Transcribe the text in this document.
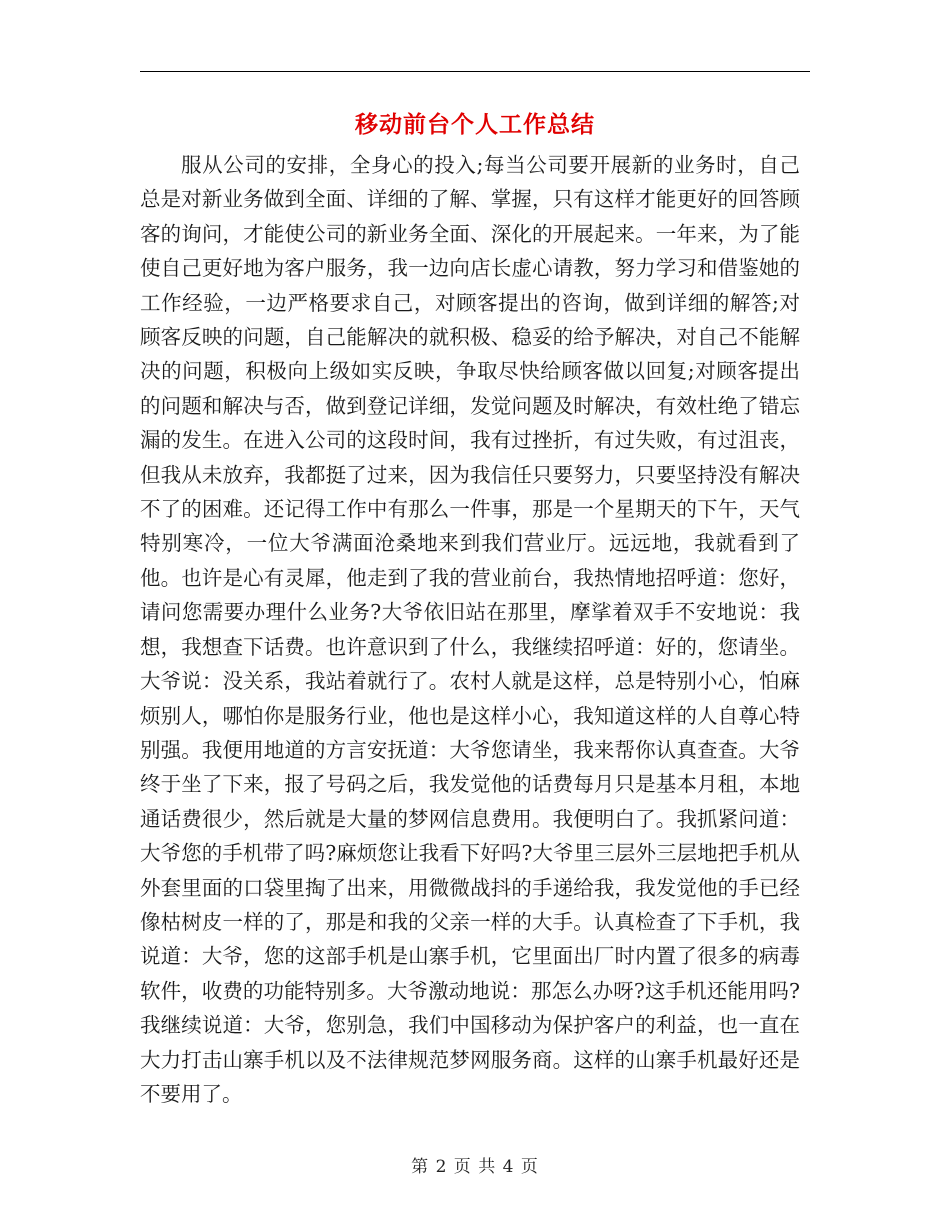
移动前台个人工作总结

服从公司的安排，全身心的投入;每当公司要开展新的业务时，自己总是对新业务做到全面、详细的了解、掌握，只有这样才能更好的回答顾客的询问，才能使公司的新业务全面、深化的开展起来。一年来，为了能使自己更好地为客户服务，我一边向店长虚心请教，努力学习和借鉴她的工作经验，一边严格要求自己，对顾客提出的咨询，做到详细的解答;对顾客反映的问题，自己能解决的就积极、稳妥的给予解决，对自己不能解决的问题，积极向上级如实反映，争取尽快给顾客做以回复;对顾客提出的问题和解决与否，做到登记详细，发觉问题及时解决，有效杜绝了错忘漏的发生。在进入公司的这段时间，我有过挫折，有过失败，有过沮丧，但我从未放弃，我都挺了过来，因为我信任只要努力，只要坚持没有解决不了的困难。还记得工作中有那么一件事，那是一个星期天的下午，天气特别寒冷，一位大爷满面沧桑地来到我们营业厅。远远地，我就看到了他。也许是心有灵犀，他走到了我的营业前台，我热情地招呼道：您好，请问您需要办理什么业务?大爷依旧站在那里，摩挲着双手不安地说：我想，我想查下话费。也许意识到了什么，我继续招呼道：好的，您请坐。大爷说：没关系，我站着就行了。农村人就是这样，总是特别小心，怕麻烦别人，哪怕你是服务行业，他也是这样小心，我知道这样的人自尊心特别强。我便用地道的方言安抚道：大爷您请坐，我来帮你认真查查。大爷终于坐了下来，报了号码之后，我发觉他的话费每月只是基本月租，本地通话费很少，然后就是大量的梦网信息费用。我便明白了。我抓紧问道：大爷您的手机带了吗?麻烦您让我看下好吗?大爷里三层外三层地把手机从外套里面的口袋里掏了出来，用微微战抖的手递给我，我发觉他的手已经像枯树皮一样的了，那是和我的父亲一样的大手。认真检查了下手机，我说道：大爷，您的这部手机是山寨手机，它里面出厂时内置了很多的病毒软件，收费的功能特别多。大爷激动地说：那怎么办呀?这手机还能用吗?我继续说道：大爷，您别急，我们中国移动为保护客户的利益，也一直在大力打击山寨手机以及不法律规范梦网服务商。这样的山寨手机最好还是不要用了。

第 2 页 共 4 页
